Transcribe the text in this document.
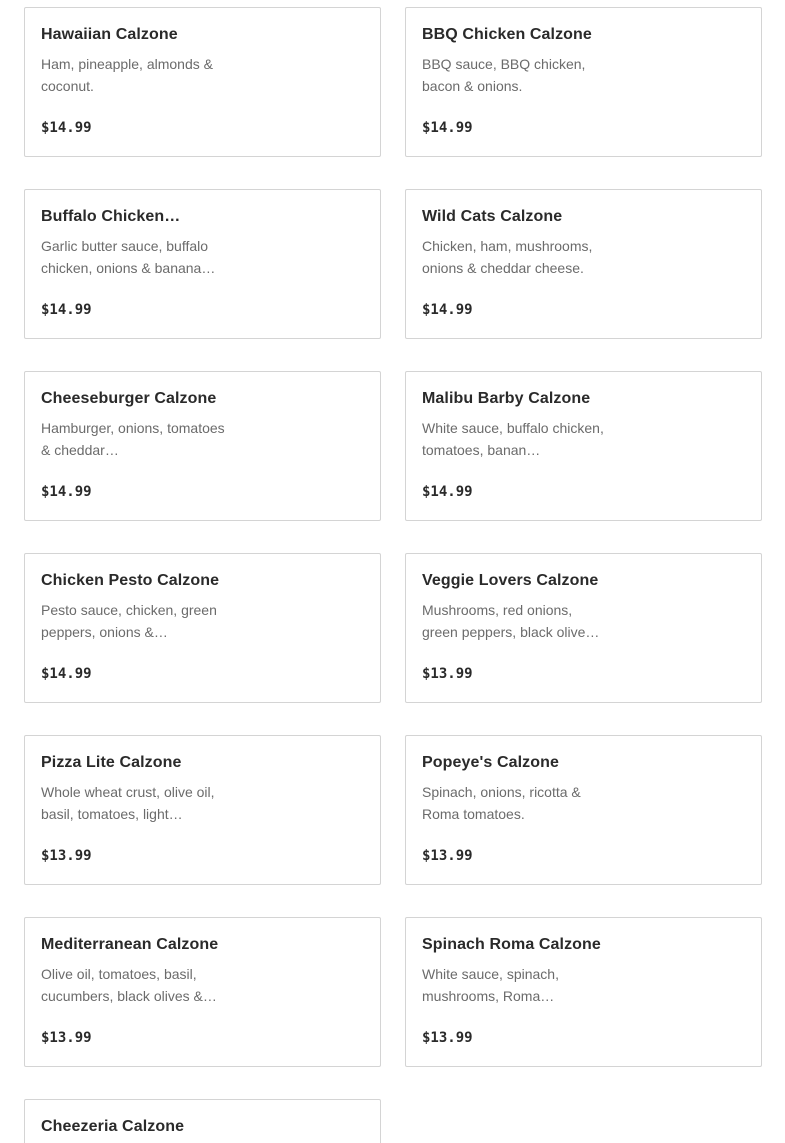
Hawaiian Calzone
Ham, pineapple, almonds & coconut.
$14.99
BBQ Chicken Calzone
BBQ sauce, BBQ chicken, bacon & onions.
$14.99
Buffalo Chicken…
Garlic butter sauce, buffalo chicken, onions & banana…
$14.99
Wild Cats Calzone
Chicken, ham, mushrooms, onions & cheddar cheese.
$14.99
Cheeseburger Calzone
Hamburger, onions, tomatoes & cheddar…
$14.99
Malibu Barby Calzone
White sauce, buffalo chicken, tomatoes, banan…
$14.99
Chicken Pesto Calzone
Pesto sauce, chicken, green peppers, onions &…
$14.99
Veggie Lovers Calzone
Mushrooms, red onions, green peppers, black olive…
$13.99
Pizza Lite Calzone
Whole wheat crust, olive oil, basil, tomatoes, light…
$13.99
Popeye's Calzone
Spinach, onions, ricotta & Roma tomatoes.
$13.99
Mediterranean Calzone
Olive oil, tomatoes, basil, cucumbers, black olives &…
$13.99
Spinach Roma Calzone
White sauce, spinach, mushrooms, Roma…
$13.99
Cheezeria Calzone
